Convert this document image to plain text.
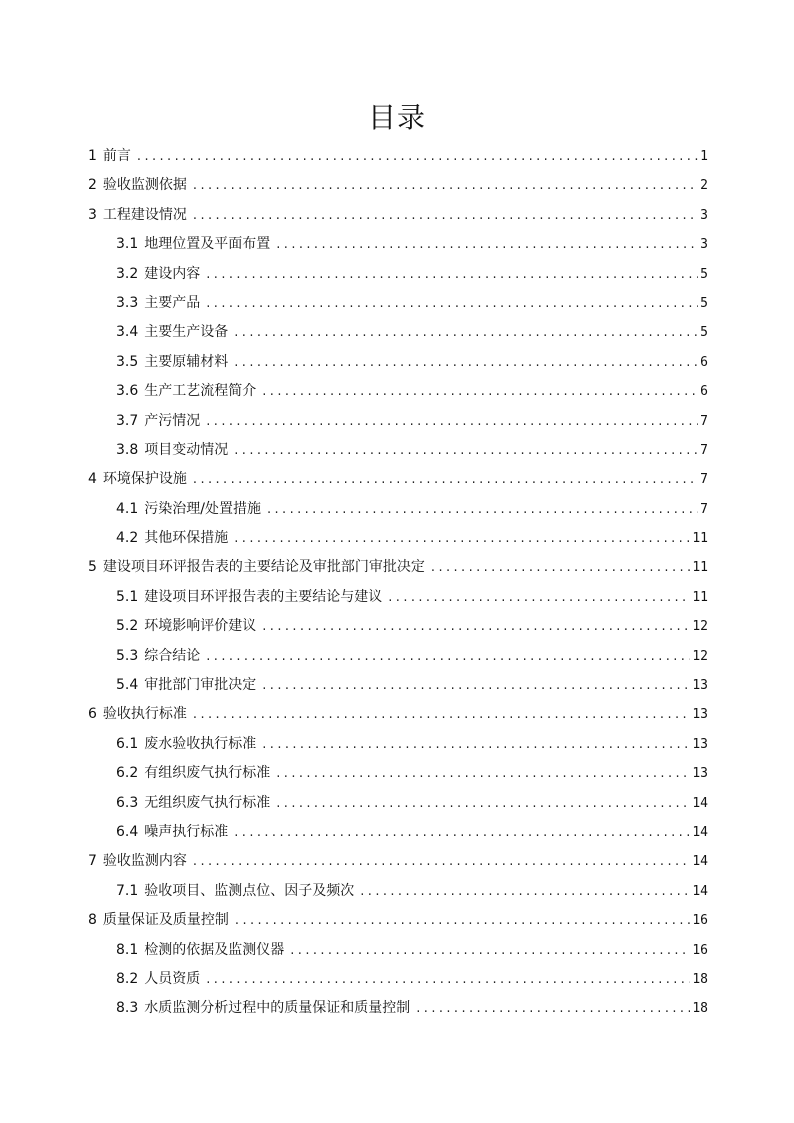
目录
1 前言 .....	1
2 验收监测依据 .....	2
3 工程建设情况 .....	3
3.1 地理位置及平面布置 .....	3
3.2 建设内容 .....	5
3.3 主要产品 .....	5
3.4 主要生产设备 .....	5
3.5 主要原辅材料 .....	6
3.6 生产工艺流程简介 .....	6
3.7 产污情况 .....	7
3.8 项目变动情况 .....	7
4 环境保护设施 .....	7
4.1 污染治理/处置措施 .....	7
4.2 其他环保措施 .....	11
5 建设项目环评报告表的主要结论及审批部门审批决定 .....	11
5.1 建设项目环评报告表的主要结论与建议 .....	11
5.2 环境影响评价建议 .....	12
5.3 综合结论 .....	12
5.4 审批部门审批决定 .....	13
6 验收执行标准 .....	13
6.1 废水验收执行标准 .....	13
6.2 有组织废气执行标准 .....	13
6.3 无组织废气执行标准 .....	14
6.4 噪声执行标准 .....	14
7 验收监测内容 .....	14
7.1 验收项目、监测点位、因子及频次 .....	14
8 质量保证及质量控制 .....	16
8.1 检测的依据及监测仪器 .....	16
8.2 人员资质 .....	18
8.3 水质监测分析过程中的质量保证和质量控制 .....	18
